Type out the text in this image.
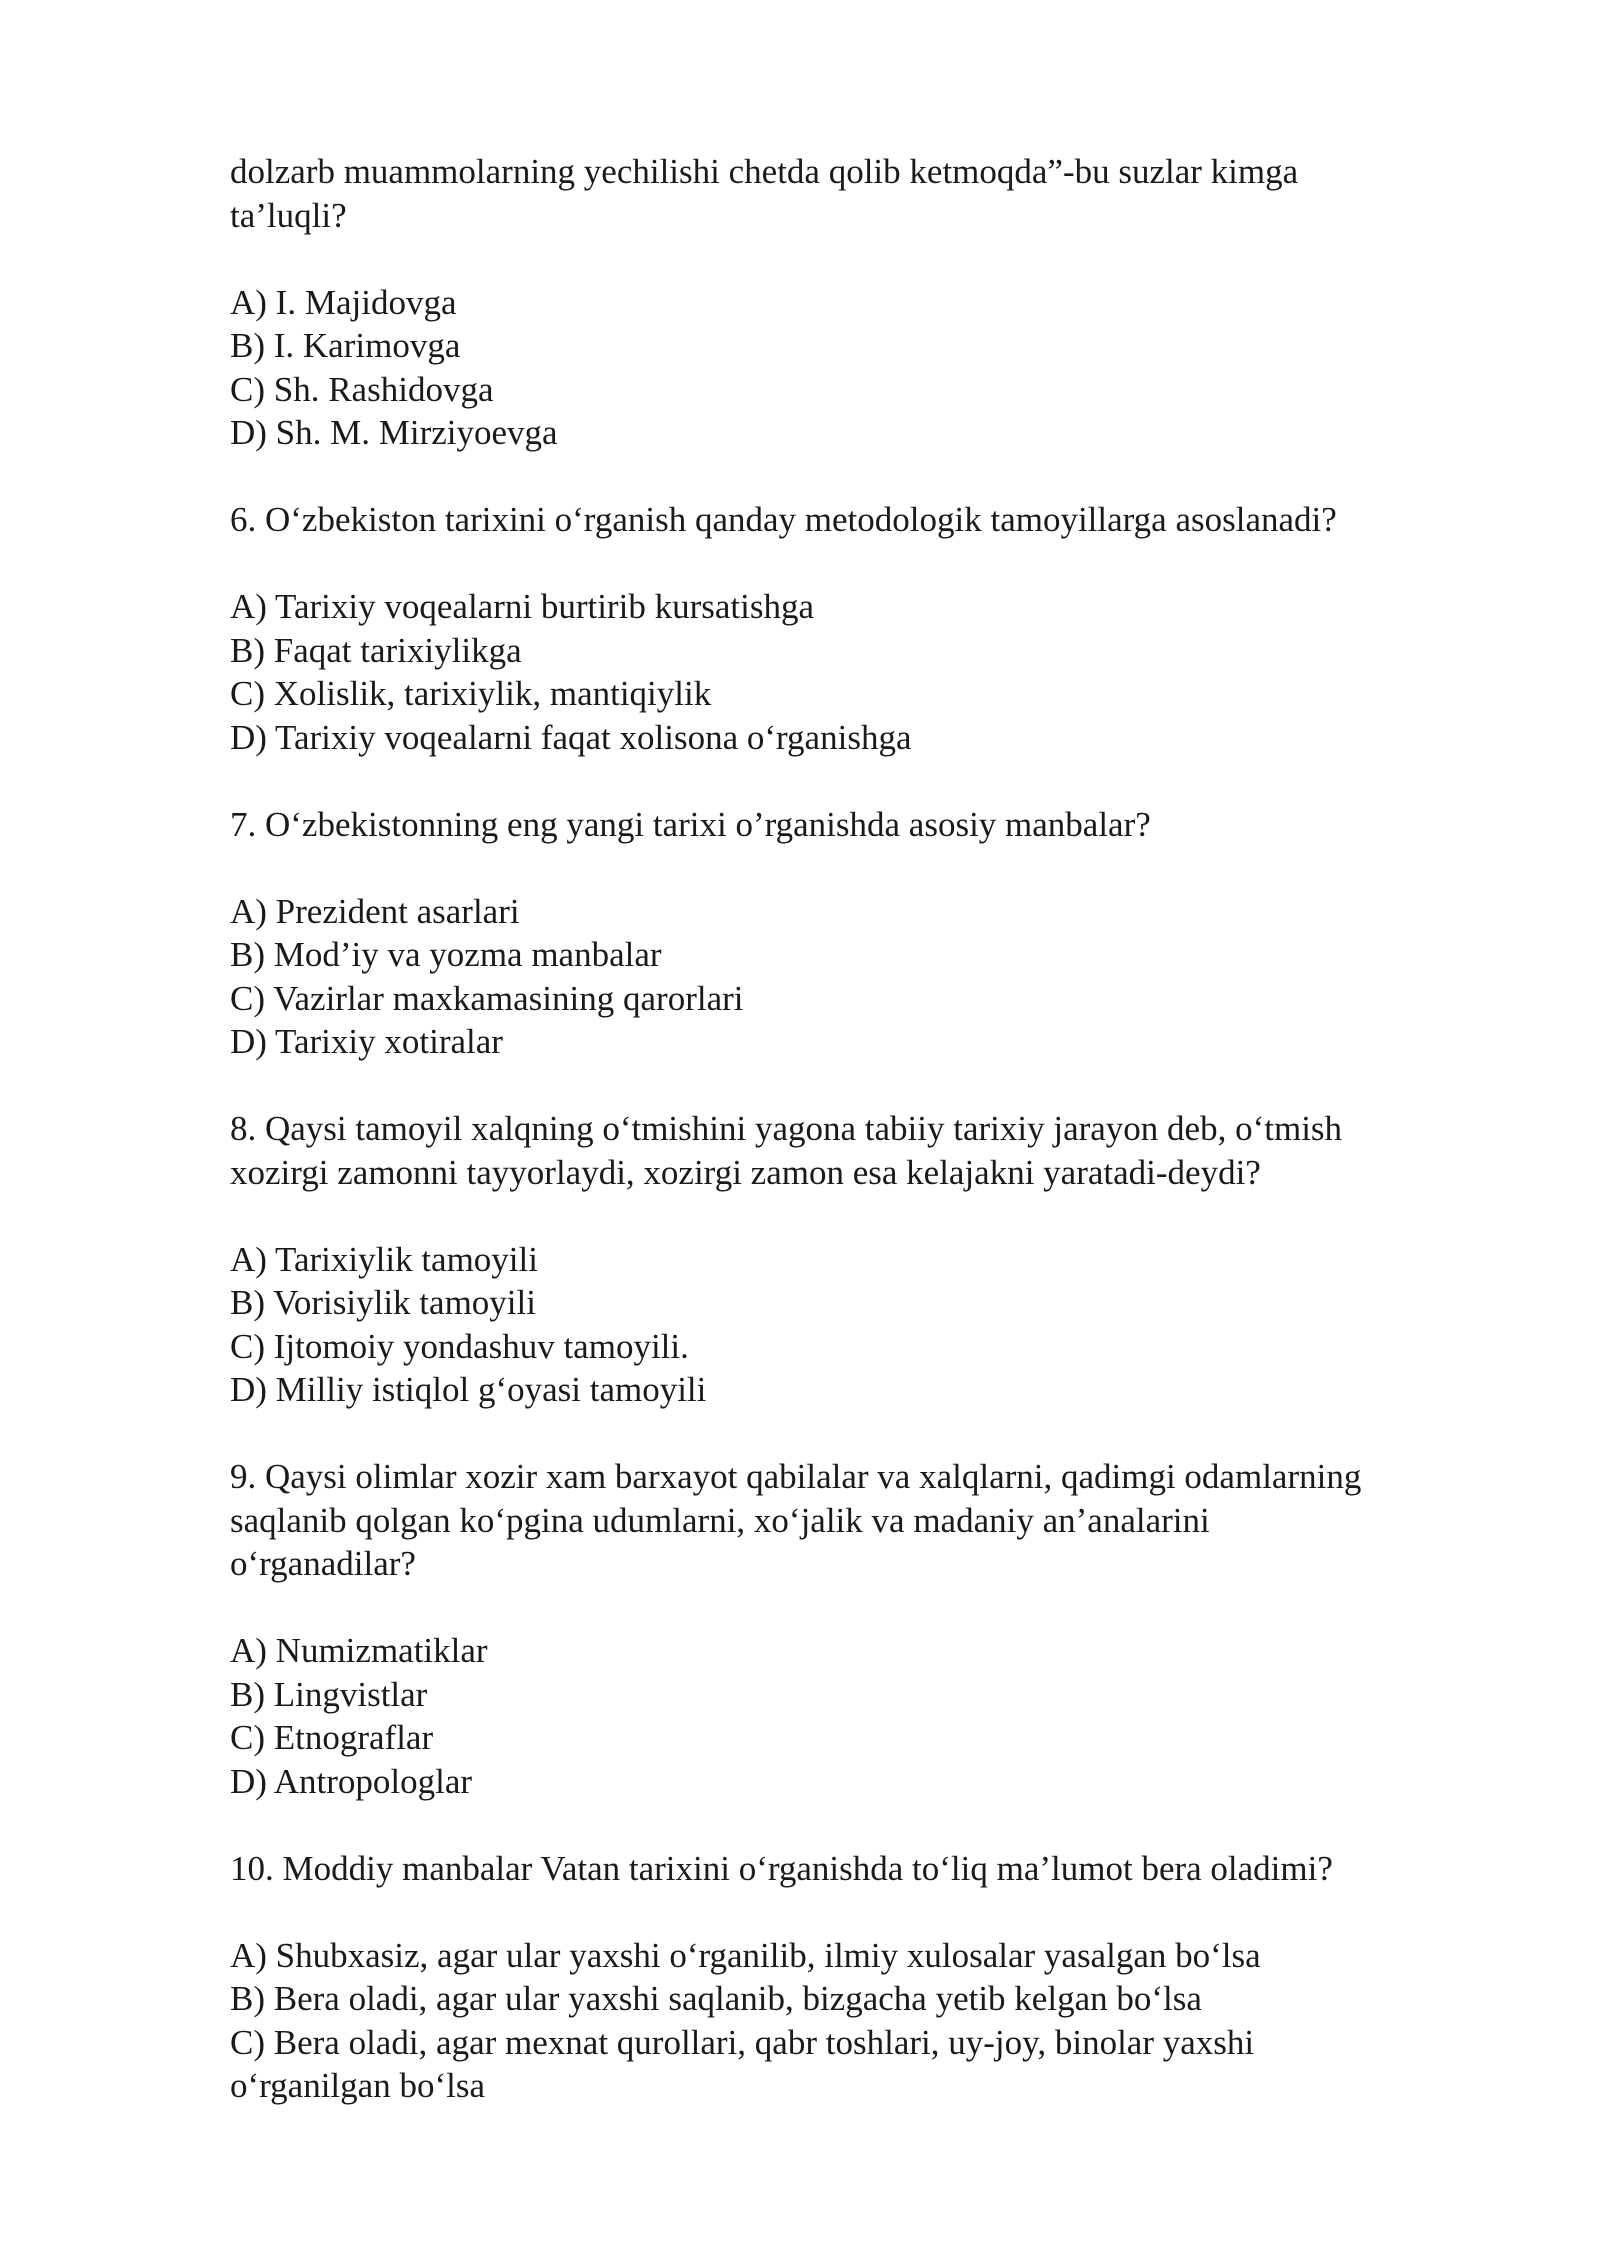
dolzarb muammolarning yechilishi chetda qolib ketmoqda”-bu suzlar kimga
ta’luqli?
A) I. Majidovga
B) I. Karimovga
C) Sh. Rashidovga
D) Sh. M. Mirziyoevga
6. O‘zbekiston tarixini o‘rganish qanday metodologik tamoyillarga asoslanadi?
A) Tarixiy voqealarni burtirib kursatishga
B) Faqat tarixiylikga
C) Xolislik, tarixiylik, mantiqiylik
D) Tarixiy voqealarni faqat xolisona o‘rganishga
7. O‘zbekistonning eng yangi tarixi o’rganishda asosiy manbalar?
A) Prezident asarlari
B) Mod’iy va yozma manbalar
C) Vazirlar maxkamasining qarorlari
D) Tarixiy xotiralar
8. Qaysi tamoyil xalqning o‘tmishini yagona tabiiy tarixiy jarayon deb, o‘tmish
xozirgi zamonni tayyorlaydi, xozirgi zamon esa kelajakni yaratadi-deydi?
A) Tarixiylik tamoyili
B) Vorisiylik tamoyili
C) Ijtomoiy yondashuv tamoyili.
D) Milliy istiqlol g‘oyasi tamoyili
9. Qaysi olimlar xozir xam barxayot qabilalar va xalqlarni, qadimgi odamlarning
saqlanib qolgan ko‘pgina udumlarni, xo‘jalik va madaniy an’analarini
o‘rganadilar?
A) Numizmatiklar
B) Lingvistlar
C) Etnograflar
D) Antropologlar
10. Moddiy manbalar Vatan tarixini o‘rganishda to‘liq ma’lumot bera oladimi?
A) Shubxasiz, agar ular yaxshi o‘rganilib, ilmiy xulosalar yasalgan bo‘lsa
B) Bera oladi, agar ular yaxshi saqlanib, bizgacha yetib kelgan bo‘lsa
C) Bera oladi, agar mexnat qurollari, qabr toshlari, uy-joy, binolar yaxshi
o‘rganilgan bo‘lsa
